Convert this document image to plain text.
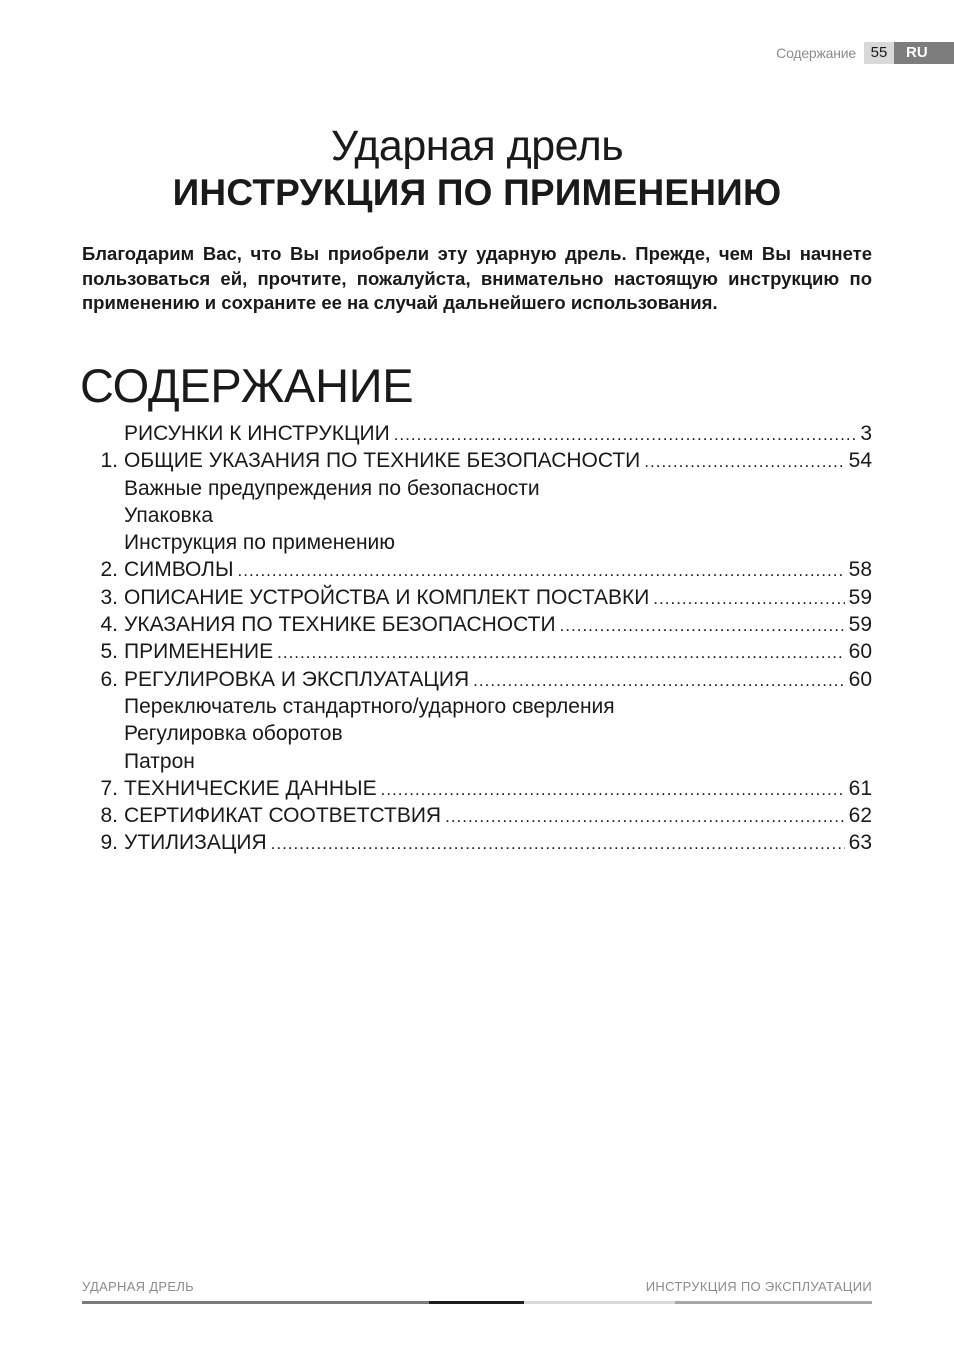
Содержание 55	RU
Ударная дрель
ИНСТРУКЦИЯ ПО ПРИМЕНЕНИЮ

Благодарим Вас, что Вы приобрели эту ударную дрель. Прежде, чем Вы начнете пользоваться ей, прочтите, пожалуйста, внимательно настоящую инструкцию по применению и сохраните ее на случай дальнейшего использования.

СОДЕРЖАНИЕ
РИСУНКИ К ИНСТРУКЦИИ .....	3
1. ОБЩИЕ УКАЗАНИЯ ПО ТЕХНИКЕ БЕЗОПАСНОСТИ .....	54
Важные предупреждения по безопасности
Упаковка
Инструкция по применению
2. СИМВОЛЫ .....	58
3. ОПИСАНИЕ УСТРОЙСТВА И КОМПЛЕКТ ПОСТАВКИ .....	59
4. УКАЗАНИЯ ПО ТЕХНИКЕ БЕЗОПАСНОСТИ .....	59
5. ПРИМЕНЕНИЕ .....	60
6. РЕГУЛИРОВКА И ЭКСПЛУАТАЦИЯ .....	60
Переключатель стандартного/ударного сверления
Регулировка оборотов
Патрон
7. ТЕХНИЧЕСКИЕ ДАННЫЕ .....	61
8. СЕРТИФИКАТ СООТВЕТСТВИЯ .....	62
9. УТИЛИЗАЦИЯ .....	63
УДАРНАЯ ДРЕЛЬ	ИНСТРУКЦИЯ ПО ЭКСПЛУАТАЦИИ
